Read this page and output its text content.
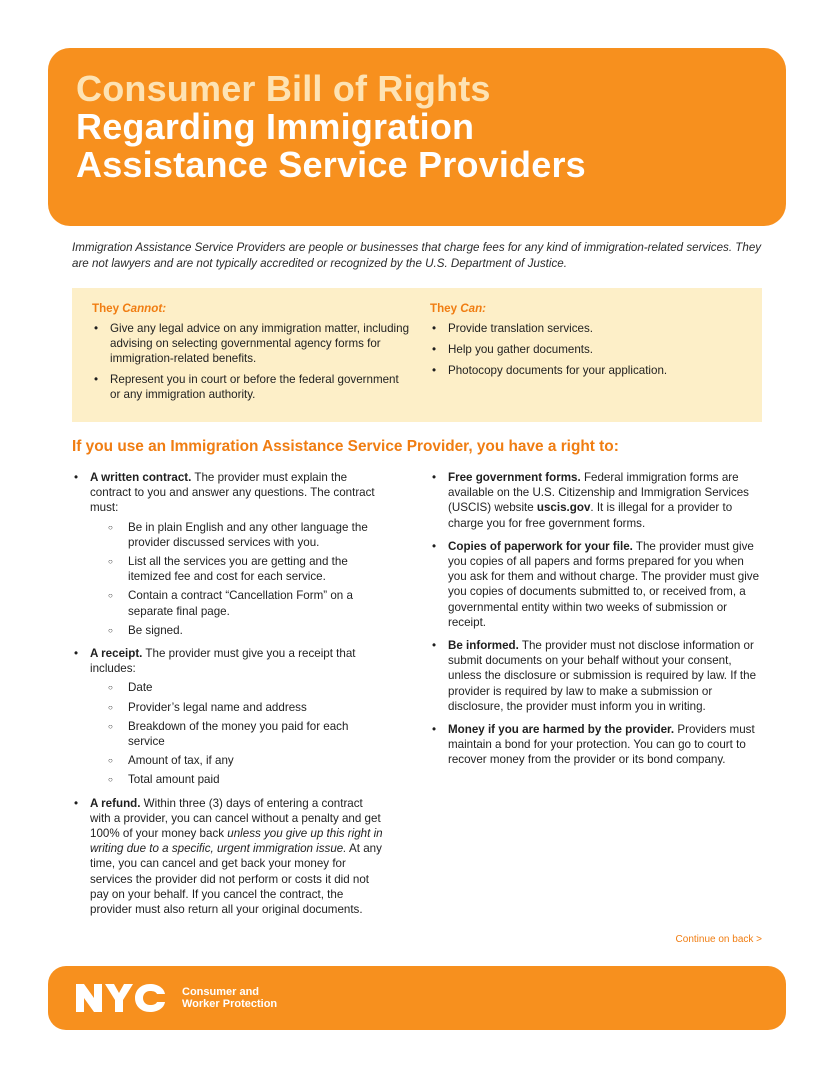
Consumer Bill of Rights
Regarding Immigration
Assistance Service Providers

Immigration Assistance Service Providers are people or businesses that charge fees for any kind of immigration-related services. They are not lawyers and are not typically accredited or recognized by the U.S. Department of Justice.

They Cannot:
• Give any legal advice on any immigration matter, including advising on selecting governmental agency forms for immigration-related benefits.
• Represent you in court or before the federal government or any immigration authority.
They Can:
• Provide translation services.
• Help you gather documents.
• Photocopy documents for your application.
If you use an Immigration Assistance Service Provider, you have a right to:
• A written contract. The provider must explain the contract to you and answer any questions. The contract must:
○ Be in plain English and any other language the provider discussed services with you.
○ List all the services you are getting and the itemized fee and cost for each service.
○ Contain a contract “Cancellation Form” on a separate final page.
○ Be signed.
• A receipt. The provider must give you a receipt that includes:
○ Date
○ Provider’s legal name and address
○ Breakdown of the money you paid for each service
○ Amount of tax, if any
○ Total amount paid
• A refund. Within three (3) days of entering a contract with a provider, you can cancel without a penalty and get 100% of your money back unless you give up this right in writing due to a specific, urgent immigration issue. At any time, you can cancel and get back your money for services the provider did not perform or costs it did not pay on your behalf. If you cancel the contract, the provider must also return all your original documents.
• Free government forms. Federal immigration forms are available on the U.S. Citizenship and Immigration Services (USCIS) website uscis.gov. It is illegal for a provider to charge you for free government forms.
• Copies of paperwork for your file. The provider must give you copies of all papers and forms prepared for you when you ask for them and without charge. The provider must give you copies of documents submitted to, or received from, a governmental entity within two weeks of submission or receipt.
• Be informed. The provider must not disclose information or submit documents on your behalf without your consent, unless the disclosure or submission is required by law. If the provider is required by law to make a submission or disclosure, the provider must inform you in writing.
• Money if you are harmed by the provider. Providers must maintain a bond for your protection. You can go to court to recover money from the provider or its bond company.
Continue on back >
Consumer and
Worker Protection
